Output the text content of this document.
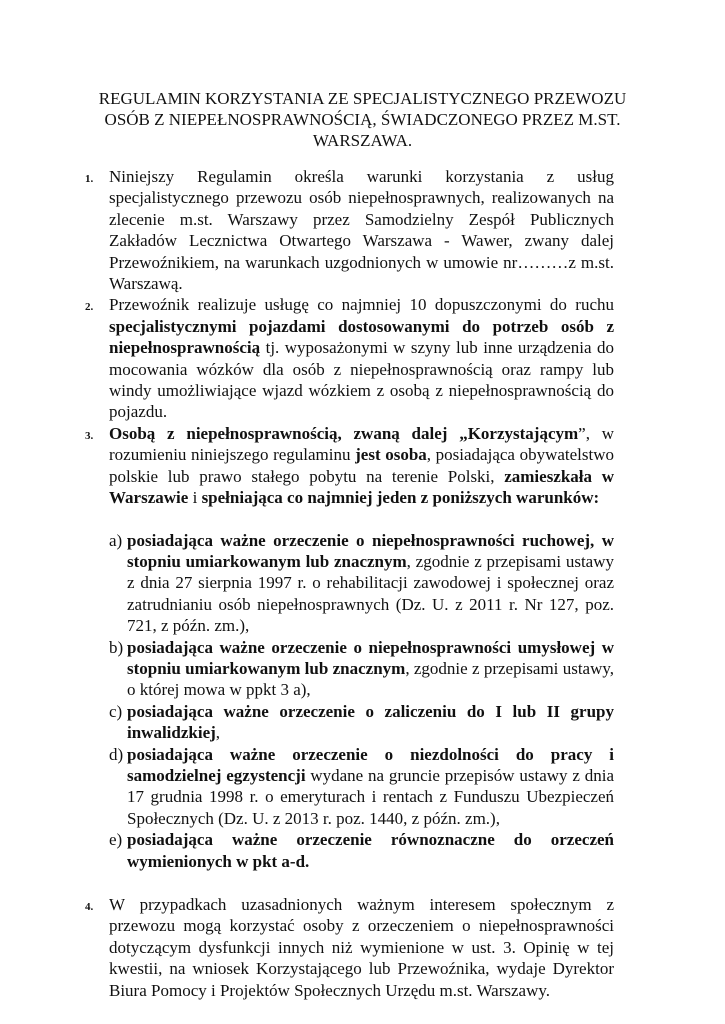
REGULAMIN KORZYSTANIA ZE SPECJALISTYCZNEGO PRZEWOZU OSÓB Z NIEPEŁNOSPRAWNOŚCIĄ, ŚWIADCZONEGO PRZEZ M.ST. WARSZAWA.
1. Niniejszy Regulamin określa warunki korzystania z usług specjalistycznego przewozu osób niepełnosprawnych, realizowanych na zlecenie m.st. Warszawy przez Samodzielny Zespół Publicznych Zakładów Lecznictwa Otwartego Warszawa - Wawer, zwany dalej Przewoźnikiem, na warunkach uzgodnionych w umowie nr………z m.st. Warszawą.
2. Przewoźnik realizuje usługę co najmniej 10 dopuszczonymi do ruchu specjalistycznymi pojazdami dostosowanymi do potrzeb osób z niepełnosprawnością tj. wyposażonymi w szyny lub inne urządzenia do mocowania wózków dla osób z niepełnosprawnością oraz rampy lub windy umożliwiające wjazd wózkiem z osobą z niepełnosprawnością do pojazdu.
3. Osobą z niepełnosprawnością, zwaną dalej „Korzystającym”, w rozumieniu niniejszego regulaminu jest osoba, posiadająca obywatelstwo polskie lub prawo stałego pobytu na terenie Polski, zamieszkała w Warszawie i spełniająca co najmniej jeden z poniższych warunków:
a) posiadająca ważne orzeczenie o niepełnosprawności ruchowej, w stopniu umiarkowanym lub znacznym, zgodnie z przepisami ustawy z dnia 27 sierpnia 1997 r. o rehabilitacji zawodowej i społecznej oraz zatrudnianiu osób niepełnosprawnych (Dz. U. z 2011 r. Nr 127, poz. 721, z późn. zm.),
b) posiadająca ważne orzeczenie o niepełnosprawności umysłowej w stopniu umiarkowanym lub znacznym, zgodnie z przepisami ustawy, o której mowa w ppkt 3 a),
c) posiadająca ważne orzeczenie o zaliczeniu do I lub II grupy inwalidzkiej,
d) posiadająca ważne orzeczenie o niezdolności do pracy i samodzielnej egzystencji wydane na gruncie przepisów ustawy z dnia 17 grudnia 1998 r. o emeryturach i rentach z Funduszu Ubezpieczeń Społecznych (Dz. U. z 2013 r. poz. 1440, z późn. zm.),
e) posiadająca ważne orzeczenie równoznaczne do orzeczeń wymienionych w pkt a-d.
4. W przypadkach uzasadnionych ważnym interesem społecznym z przewozu mogą korzystać osoby z orzeczeniem o niepełnosprawności dotyczącym dysfunkcji innych niż wymienione w ust. 3. Opinię w tej kwestii, na wniosek Korzystającego lub Przewoźnika, wydaje Dyrektor Biura Pomocy i Projektów Społecznych Urzędu m.st. Warszawy.
